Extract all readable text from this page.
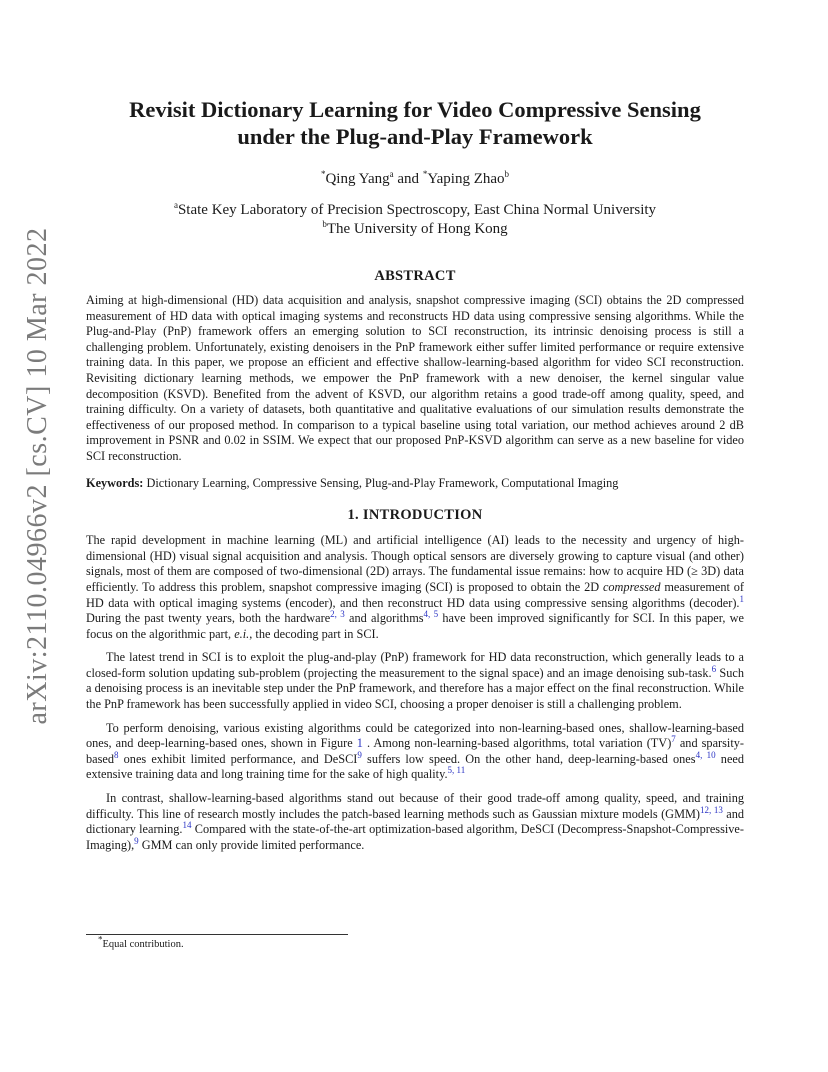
arXiv:2110.04966v2 [cs.CV] 10 Mar 2022
Revisit Dictionary Learning for Video Compressive Sensing
under the Plug-and-Play Framework
*Qing Yang$^a$ and *Yaping Zhao$^b$
$^a$State Key Laboratory of Precision Spectroscopy, East China Normal University
$^b$The University of Hong Kong
ABSTRACT

Aiming at high-dimensional (HD) data acquisition and analysis, snapshot compressive imaging (SCI) obtains the 2D compressed measurement of HD data with optical imaging systems and reconstructs HD data using compressive sensing algorithms. While the Plug-and-Play (PnP) framework offers an emerging solution to SCI reconstruction, its intrinsic denoising process is still a challenging problem. Unfortunately, existing denoisers in the PnP framework either suffer limited performance or require extensive training data. In this paper, we propose an efficient and effective shallow-learning-based algorithm for video SCI reconstruction. Revisiting dictionary learning methods, we empower the PnP framework with a new denoiser, the kernel singular value decomposition (KSVD). Benefited from the advent of KSVD, our algorithm retains a good trade-off among quality, speed, and training difficulty. On a variety of datasets, both quantitative and qualitative evaluations of our simulation results demonstrate the effectiveness of our proposed method. In comparison to a typical baseline using total variation, our method achieves around 2 dB improvement in PSNR and 0.02 in SSIM. We expect that our proposed PnP-KSVD algorithm can serve as a new baseline for video SCI reconstruction.

Keywords: Dictionary Learning, Compressive Sensing, Plug-and-Play Framework, Computational Imaging

1. INTRODUCTION

The rapid development in machine learning (ML) and artificial intelligence (AI) leads to the necessity and urgency of high-dimensional (HD) visual signal acquisition and analysis. Though optical sensors are diversely growing to capture visual (and other) signals, most of them are composed of two-dimensional (2D) arrays. The fundamental issue remains: how to acquire HD (≥ 3D) data efficiently. To address this problem, snapshot compressive imaging (SCI) is proposed to obtain the 2D compressed measurement of HD data with optical imaging systems (encoder), and then reconstruct HD data using compressive sensing algorithms (decoder).$^1$ During the past twenty years, both the hardware$^{2, 3}$ and algorithms$^{4, 5}$ have been improved significantly for SCI. In this paper, we focus on the algorithmic part, e.i., the decoding part in SCI.

The latest trend in SCI is to exploit the plug-and-play (PnP) framework for HD data reconstruction, which generally leads to a closed-form solution updating sub-problem (projecting the measurement to the signal space) and an image denoising sub-task.$^6$ Such a denoising process is an inevitable step under the PnP framework, and therefore has a major effect on the final reconstruction. While the PnP framework has been successfully applied in video SCI, choosing a proper denoiser is still a challenging problem.

To perform denoising, various existing algorithms could be categorized into non-learning-based ones, shallow-learning-based ones, and deep-learning-based ones, shown in Figure 1 . Among non-learning-based algorithms, total variation (TV)$^7$ and sparsity-based$^8$ ones exhibit limited performance, and DeSCI$^9$ suffers low speed. On the other hand, deep-learning-based ones$^{4, 10}$ need extensive training data and long training time for the sake of high quality.$^{5, 11}$

In contrast, shallow-learning-based algorithms stand out because of their good trade-off among quality, speed, and training difficulty. This line of research mostly includes the patch-based learning methods such as Gaussian mixture models (GMM)$^{12, 13}$ and dictionary learning.$^{14}$ Compared with the state-of-the-art optimization-based algorithm, DeSCI (Decompress-Snapshot-Compressive-Imaging),$^9$ GMM can only provide limited performance.

*Equal contribution.
